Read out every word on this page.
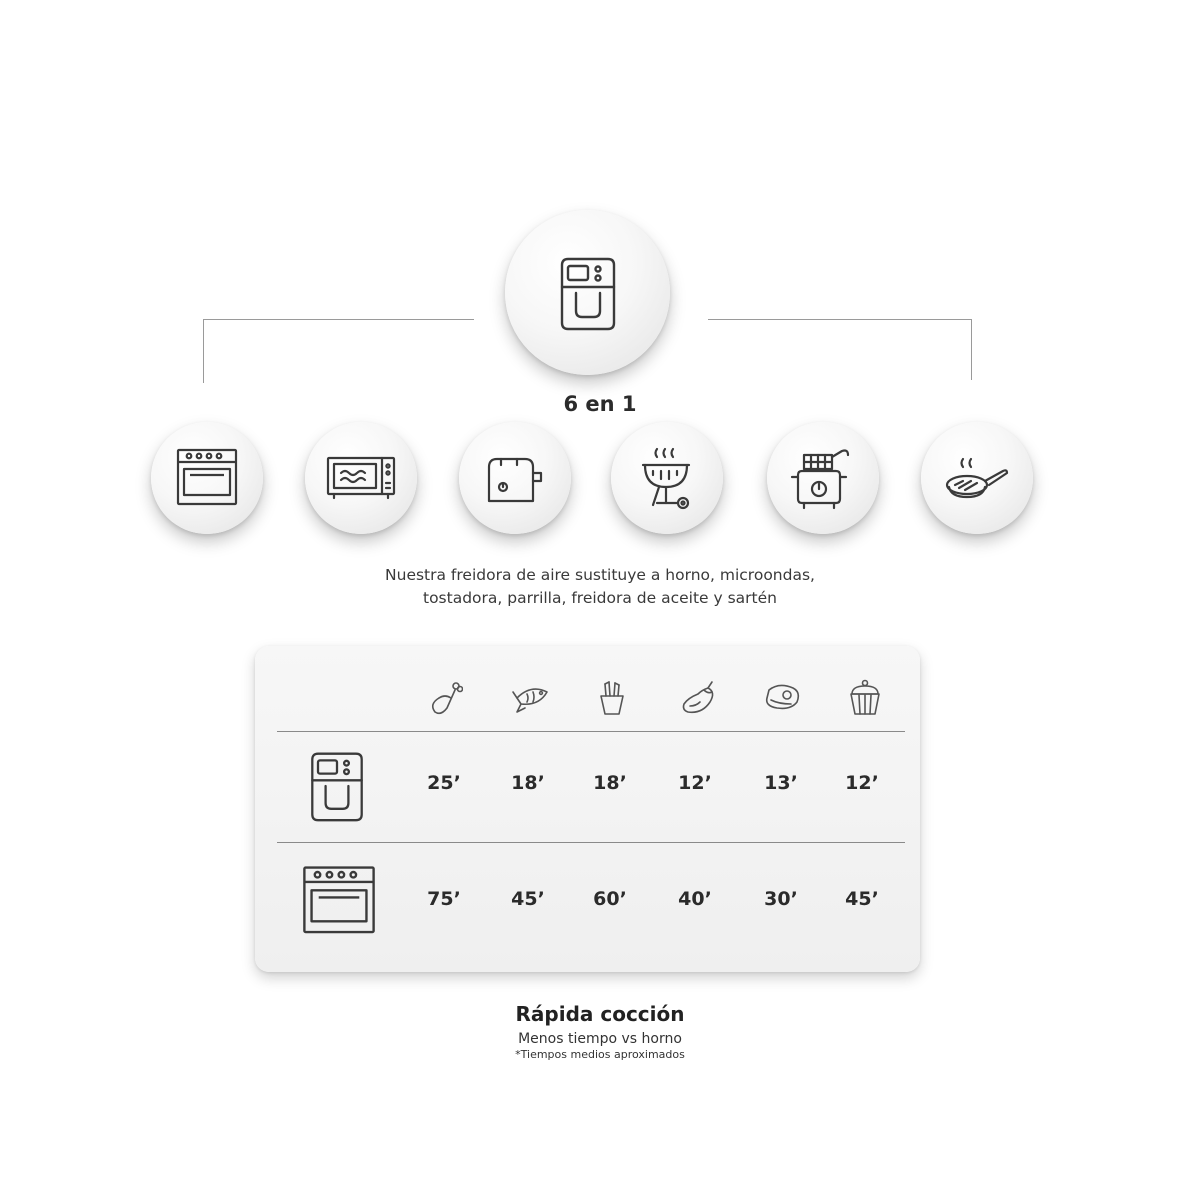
6 en 1
Nuestra freidora de aire sustituye a horno, microondas,
tostadora, parrilla, freidora de aceite y sartén
25’	18’	18’	12’	13’	12’
75’	45’	60’	40’	30’	45’
Rápida cocción
Menos tiempo vs horno
*Tiempos medios aproximados
